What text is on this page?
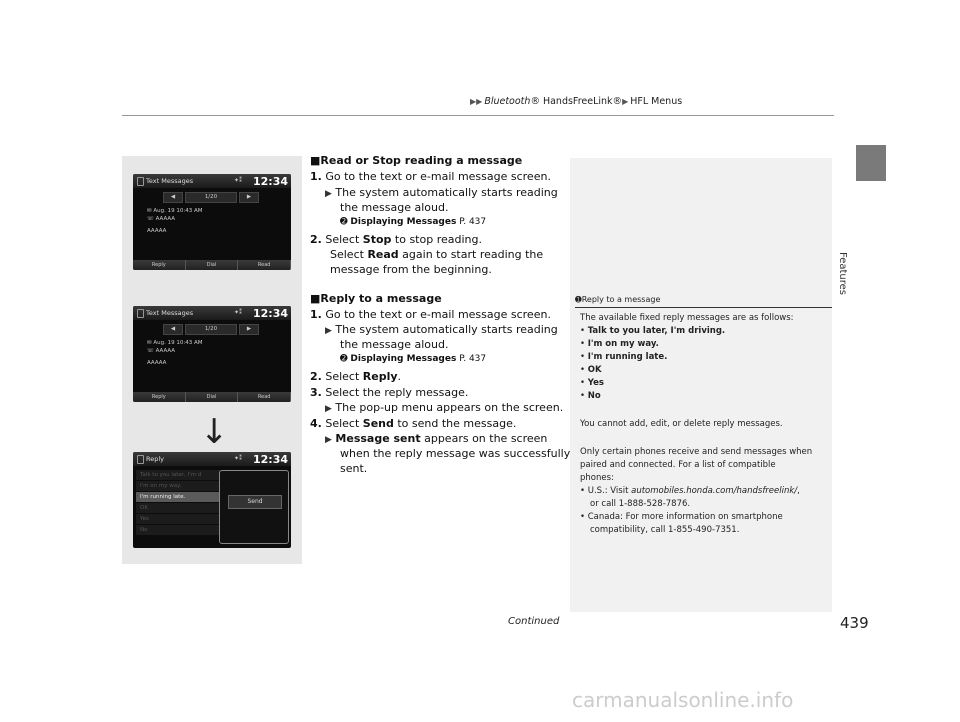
▶▶ Bluetooth® HandsFreeLink®▶ HFL Menus
Features
Text Messages	✦⁑ 12:34
◀	1/20	▶
✉ Aug. 19 10:43 AM
☏ AAAAA
AAAAA
Reply	Dial	Read
Text Messages	✦⁑ 12:34
◀	1/20	▶
✉ Aug. 19 10:43 AM
☏ AAAAA
AAAAA
Reply	Dial	Read
Reply	✦⁑ 12:34
Talk to you later, I'm d
I'm on my way.
I'm running late.
OK
Yes
No
Send
↓
■Read or Stop reading a message
1. Go to the text or e-mail message screen.
▶ The system automatically starts reading
the message aloud.
➋ Displaying Messages P. 437
2. Select Stop to stop reading.
Select Read again to start reading the
message from the beginning.
■Reply to a message
1. Go to the text or e-mail message screen.
▶ The system automatically starts reading
the message aloud.
➋ Displaying Messages P. 437
2. Select Reply.
3. Select the reply message.
▶ The pop-up menu appears on the screen.
4. Select Send to send the message.
▶ Message sent appears on the screen
when the reply message was successfully
sent.
➊Reply to a message
The available fixed reply messages are as follows:
• Talk to you later, I'm driving.
• I'm on my way.
• I'm running late.
• OK
• Yes
• No
You cannot add, edit, or delete reply messages.
Only certain phones receive and send messages when
paired and connected. For a list of compatible
phones:
• U.S.: Visit automobiles.honda.com/handsfreelink/,
or call 1-888-528-7876.
• Canada: For more information on smartphone
compatibility, call 1-855-490-7351.
Continued	439
carmanualsonline.info
